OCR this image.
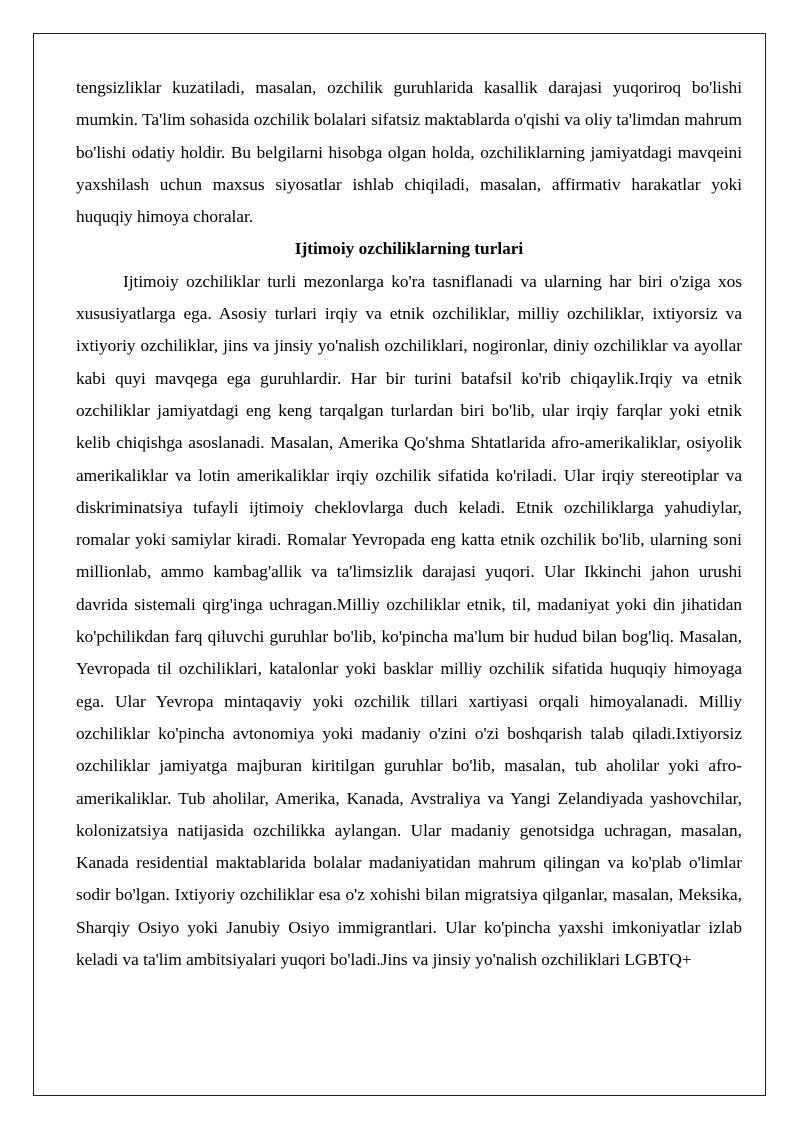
tengsizliklar kuzatiladi, masalan, ozchilik guruhlarida kasallik darajasi yuqoriroq bo'lishi mumkin. Ta'lim sohasida ozchilik bolalari sifatsiz maktablarda o'qishi va oliy ta'limdan mahrum bo'lishi odatiy holdir. Bu belgilarni hisobga olgan holda, ozchiliklarning jamiyatdagi mavqeini yaxshilash uchun maxsus siyosatlar ishlab chiqiladi, masalan, affirmativ harakatlar yoki huquqiy himoya choralar.

Ijtimoiy ozchiliklarning turlari

Ijtimoiy ozchiliklar turli mezonlarga ko'ra tasniflanadi va ularning har biri o'ziga xos xususiyatlarga ega. Asosiy turlari irqiy va etnik ozchiliklar, milliy ozchiliklar, ixtiyorsiz va ixtiyoriy ozchiliklar, jins va jinsiy yo'nalish ozchiliklari, nogironlar, diniy ozchiliklar va ayollar kabi quyi mavqega ega guruhlardir. Har bir turini batafsil ko'rib chiqaylik.Irqiy va etnik ozchiliklar jamiyatdagi eng keng tarqalgan turlardan biri bo'lib, ular irqiy farqlar yoki etnik kelib chiqishga asoslanadi. Masalan, Amerika Qo'shma Shtatlarida afro-amerikaliklar, osiyolik amerikaliklar va lotin amerikaliklar irqiy ozchilik sifatida ko'riladi. Ular irqiy stereotiplar va diskriminatsiya tufayli ijtimoiy cheklovlarga duch keladi. Etnik ozchiliklarga yahudiylar, romalar yoki samiylar kiradi. Romalar Yevropada eng katta etnik ozchilik bo'lib, ularning soni millionlab, ammo kambag'allik va ta'limsizlik darajasi yuqori. Ular Ikkinchi jahon urushi davrida sistemali qirg'inga uchragan.Milliy ozchiliklar etnik, til, madaniyat yoki din jihatidan ko'pchilikdan farq qiluvchi guruhlar bo'lib, ko'pincha ma'lum bir hudud bilan bog'liq. Masalan, Yevropada til ozchiliklari, katalonlar yoki basklar milliy ozchilik sifatida huquqiy himoyaga ega. Ular Yevropa mintaqaviy yoki ozchilik tillari xartiyasi orqali himoyalanadi. Milliy ozchiliklar ko'pincha avtonomiya yoki madaniy o'zini o'zi boshqarish talab qiladi.Ixtiyorsiz ozchiliklar jamiyatga majburan kiritilgan guruhlar bo'lib, masalan, tub aholilar yoki afro-amerikaliklar. Tub aholilar, Amerika, Kanada, Avstraliya va Yangi Zelandiyada yashovchilar, kolonizatsiya natijasida ozchilikka aylangan. Ular madaniy genotsidga uchragan, masalan, Kanada residential maktablarida bolalar madaniyatidan mahrum qilingan va ko'plab o'limlar sodir bo'lgan. Ixtiyoriy ozchiliklar esa o'z xohishi bilan migratsiya qilganlar, masalan, Meksika, Sharqiy Osiyo yoki Janubiy Osiyo immigrantlari. Ular ko'pincha yaxshi imkoniyatlar izlab keladi va ta'lim ambitsiyalari yuqori bo'ladi.Jins va jinsiy yo'nalish ozchiliklari LGBTQ+
